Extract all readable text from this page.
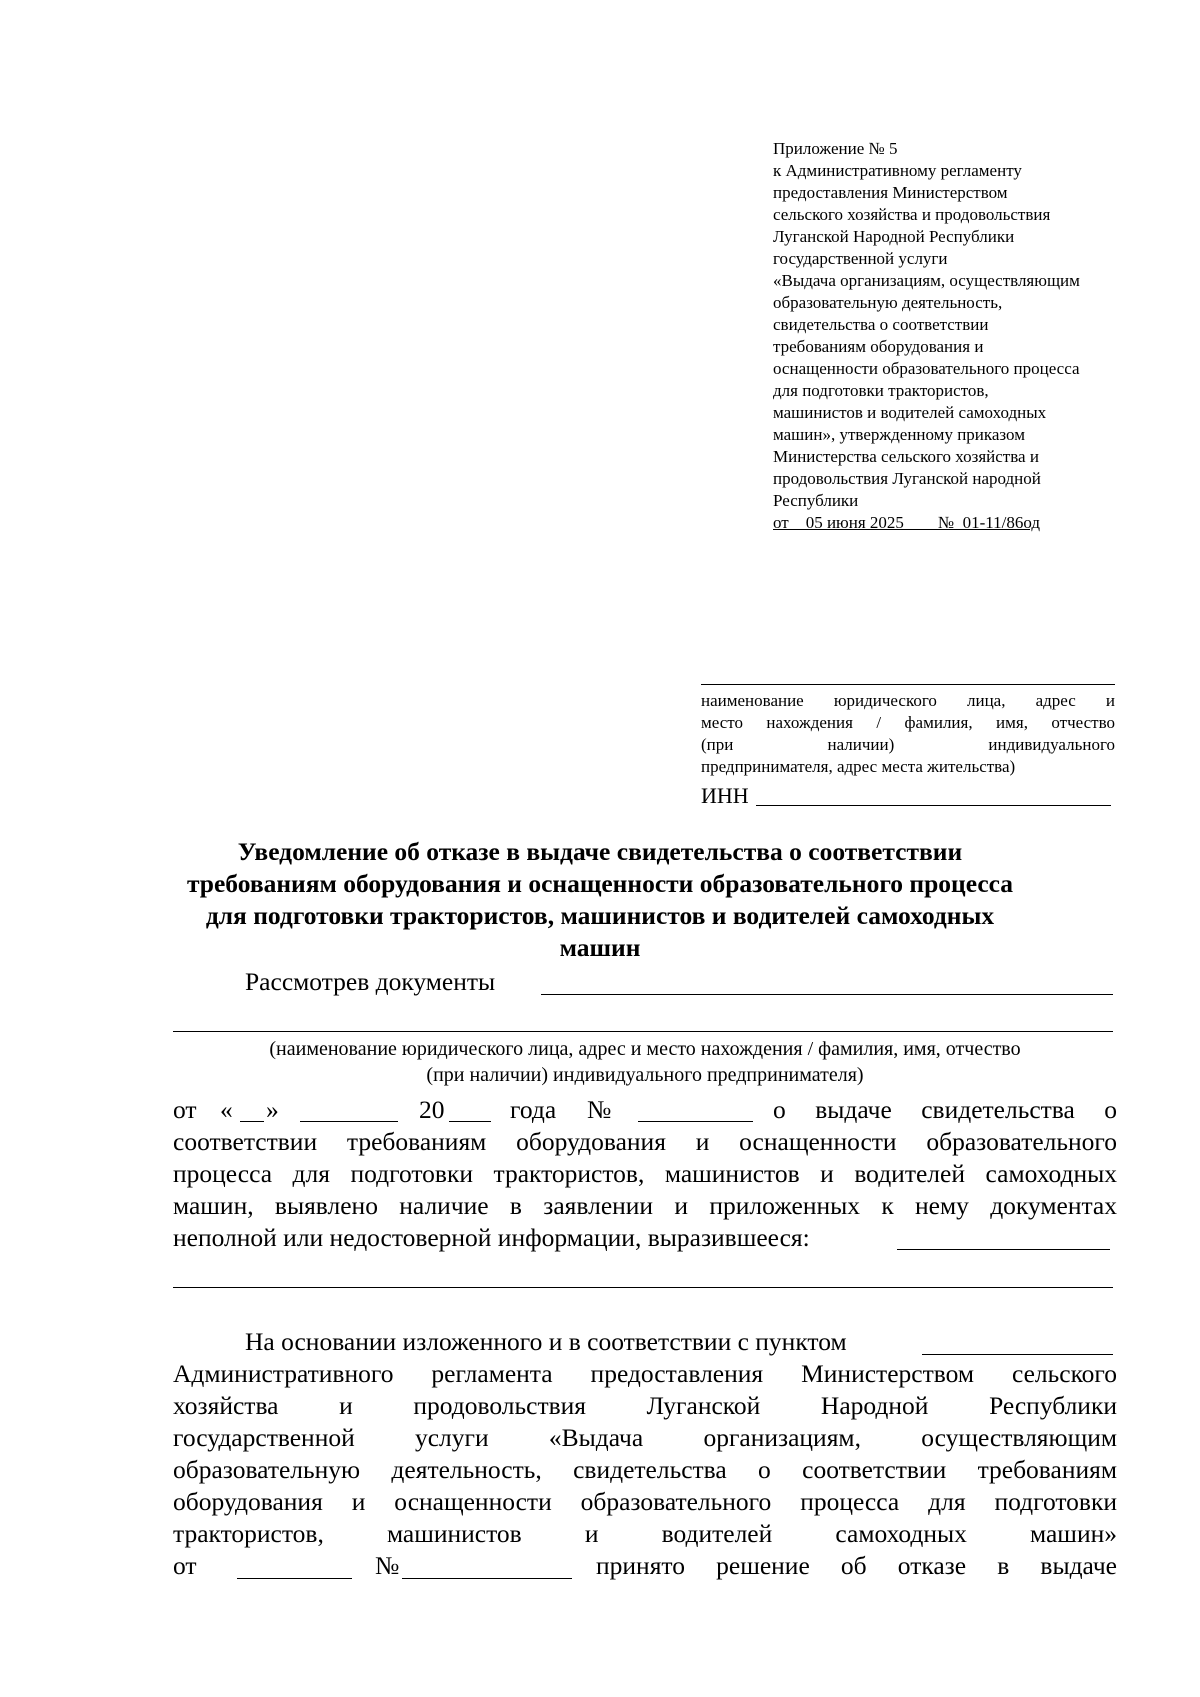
Приложение № 5
к Административному регламенту
предоставления Министерством
сельского хозяйства и продовольствия
Луганской Народной Республики
государственной услуги
«Выдача организациям, осуществляющим
образовательную деятельность,
свидетельства о соответствии
требованиям оборудования и
оснащенности образовательного процесса
для подготовки трактористов,
машинистов и водителей самоходных
машин», утвержденному приказом
Министерства сельского хозяйства и
продовольствия Луганской народной
Республики
от__05 июня 2025____№_01-11/86од
наименование юридического лица, адрес и
место нахождения / фамилия, имя, отчество
(при наличии) индивидуального
предпринимателя, адрес места жительства)
ИНН
Уведомление об отказе в выдаче свидетельства о соответствии
требованиям оборудования и оснащенности образовательного процесса
для подготовки трактористов, машинистов и водителей самоходных
машин
Рассмотрев документы
(наименование юридического лица, адрес и место нахождения / фамилия, имя, отчество
(при наличии) индивидуального предпринимателя)
от « »	20	года №	о выдаче свидетельства о
соответствии требованиям оборудования и оснащенности образовательного
процесса для подготовки трактористов, машинистов и водителей самоходных
машин, выявлено наличие в заявлении и приложенных к нему документах
неполной или недостоверной информации, выразившееся:
На основании изложенного и в соответствии с пунктом
Административного регламента предоставления Министерством сельского
хозяйства и продовольствия Луганской Народной Республики
государственной услуги «Выдача организациям, осуществляющим
образовательную деятельность, свидетельства о соответствии требованиям
оборудования и оснащенности образовательного процесса для подготовки
трактористов, машинистов и водителей самоходных машин»
от	№	принято решение об отказе в выдаче
